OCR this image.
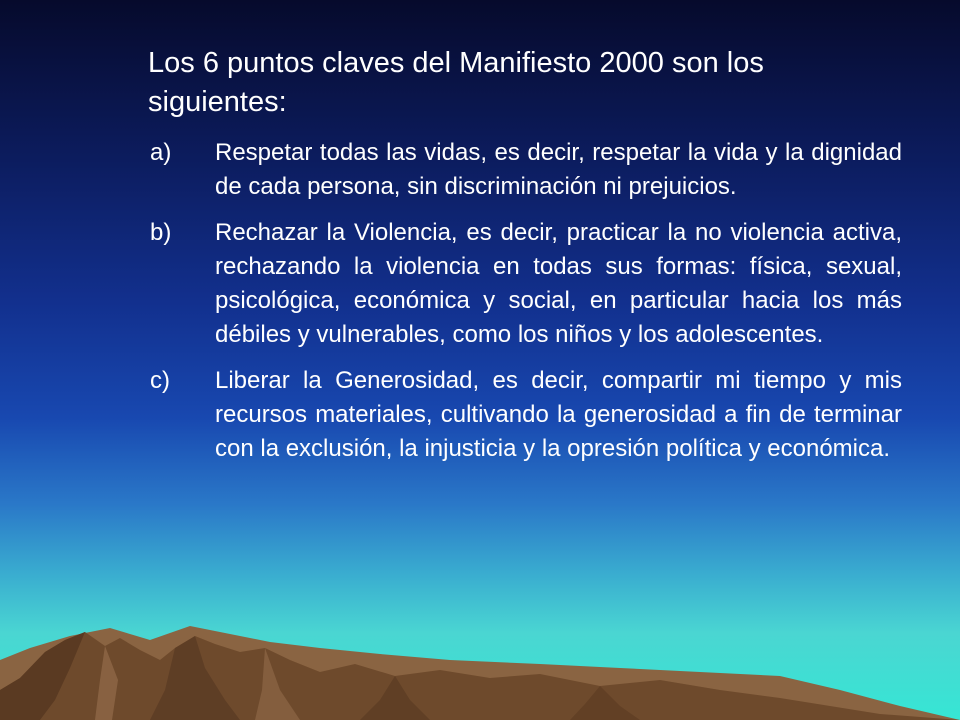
Los 6 puntos claves del Manifiesto 2000 son los siguientes:
a) Respetar todas las vidas, es decir, respetar la vida y la dignidad de cada persona, sin discriminación ni prejuicios.
b) Rechazar la Violencia, es decir, practicar la no violencia activa, rechazando la violencia en todas sus formas: física, sexual, psicológica, económica y social, en particular hacia los más débiles y vulnerables, como los niños y los adolescentes.
c) Liberar la Generosidad, es decir, compartir mi tiempo y mis recursos materiales, cultivando la generosidad a fin de terminar con la exclusión, la injusticia y la opresión política y económica.
